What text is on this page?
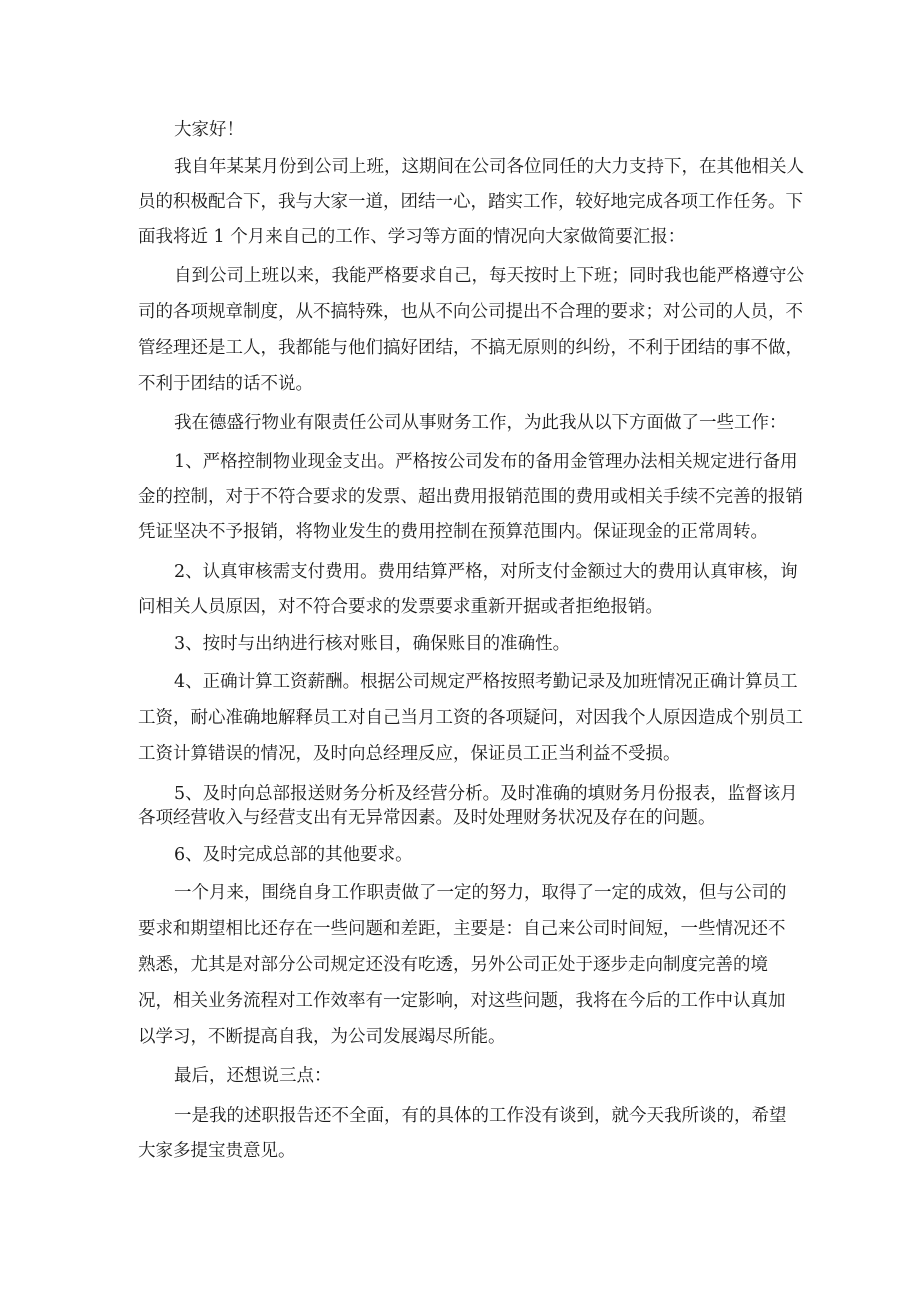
大家好！

我自年某某月份到公司上班，这期间在公司各位同任的大力支持下，在其他相关人

员的积极配合下，我与大家一道，团结一心，踏实工作，较好地完成各项工作任务。下

面我将近 1 个月来自己的工作、学习等方面的情况向大家做简要汇报：

自到公司上班以来，我能严格要求自己，每天按时上下班；同时我也能严格遵守公

司的各项规章制度，从不搞特殊，也从不向公司提出不合理的要求；对公司的人员，不

管经理还是工人，我都能与他们搞好团结，不搞无原则的纠纷，不利于团结的事不做，

不利于团结的话不说。

我在德盛行物业有限责任公司从事财务工作，为此我从以下方面做了一些工作：

1、严格控制物业现金支出。严格按公司发布的备用金管理办法相关规定进行备用

金的控制，对于不符合要求的发票、超出费用报销范围的费用或相关手续不完善的报销

凭证坚决不予报销，将物业发生的费用控制在预算范围内。保证现金的正常周转。

2、认真审核需支付费用。费用结算严格，对所支付金额过大的费用认真审核，询

问相关人员原因，对不符合要求的发票要求重新开据或者拒绝报销。

3、按时与出纳进行核对账目，确保账目的准确性。

4、正确计算工资薪酬。根据公司规定严格按照考勤记录及加班情况正确计算员工

工资，耐心准确地解释员工对自己当月工资的各项疑问，对因我个人原因造成个别员工

工资计算错误的情况，及时向总经理反应，保证员工正当利益不受损。

5、及时向总部报送财务分析及经营分析。及时准确的填财务月份报表，监督该月

各项经营收入与经营支出有无异常因素。及时处理财务状况及存在的问题。

6、及时完成总部的其他要求。

一个月来，围绕自身工作职责做了一定的努力，取得了一定的成效，但与公司的

要求和期望相比还存在一些问题和差距，主要是：自己来公司时间短，一些情况还不

熟悉，尤其是对部分公司规定还没有吃透，另外公司正处于逐步走向制度完善的境

况，相关业务流程对工作效率有一定影响，对这些问题，我将在今后的工作中认真加

以学习，不断提高自我，为公司发展竭尽所能。

最后，还想说三点：

一是我的述职报告还不全面，有的具体的工作没有谈到，就今天我所谈的，希望

大家多提宝贵意见。
